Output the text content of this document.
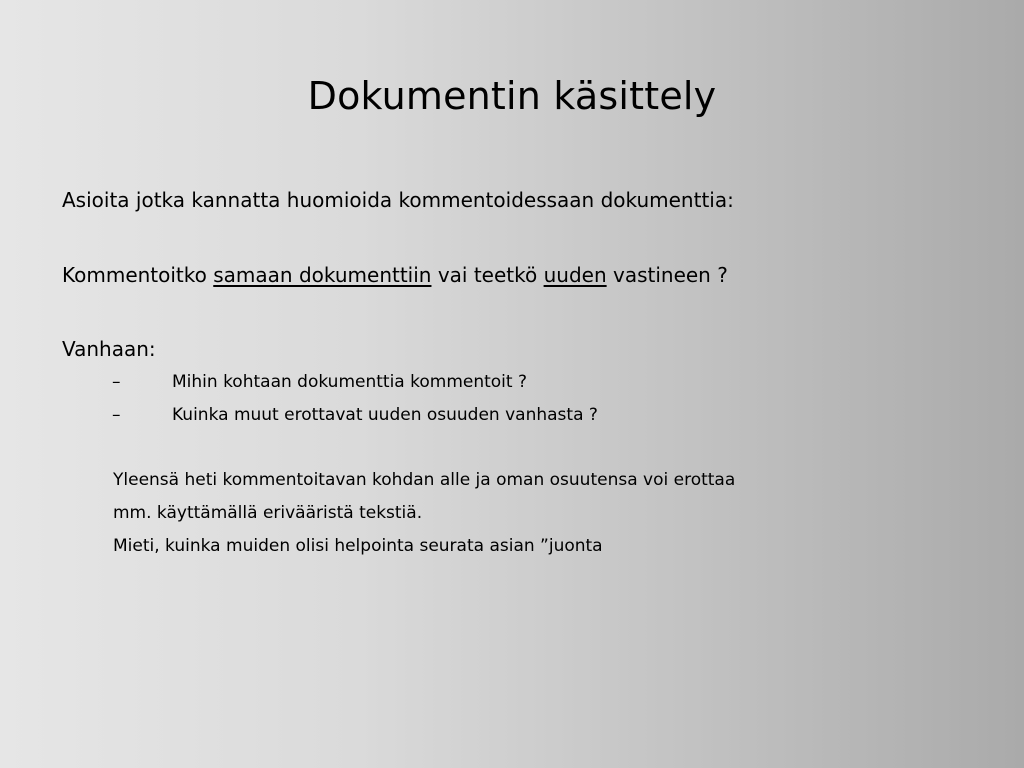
Dokumentin käsittely
Asioita jotka kannatta huomioida kommentoidessaan dokumenttia:
Kommentoitko samaan dokumenttiin vai teetkö uuden vastineen ?
Vanhaan:
–	Mihin kohtaan dokumenttia kommentoit ?
–	Kuinka muut erottavat uuden osuuden vanhasta ?
Yleensä heti kommentoitavan kohdan alle ja oman osuutensa voi erottaa
mm. käyttämällä erivääristä tekstiä.
Mieti, kuinka muiden olisi helpointa seurata asian ”juonta
